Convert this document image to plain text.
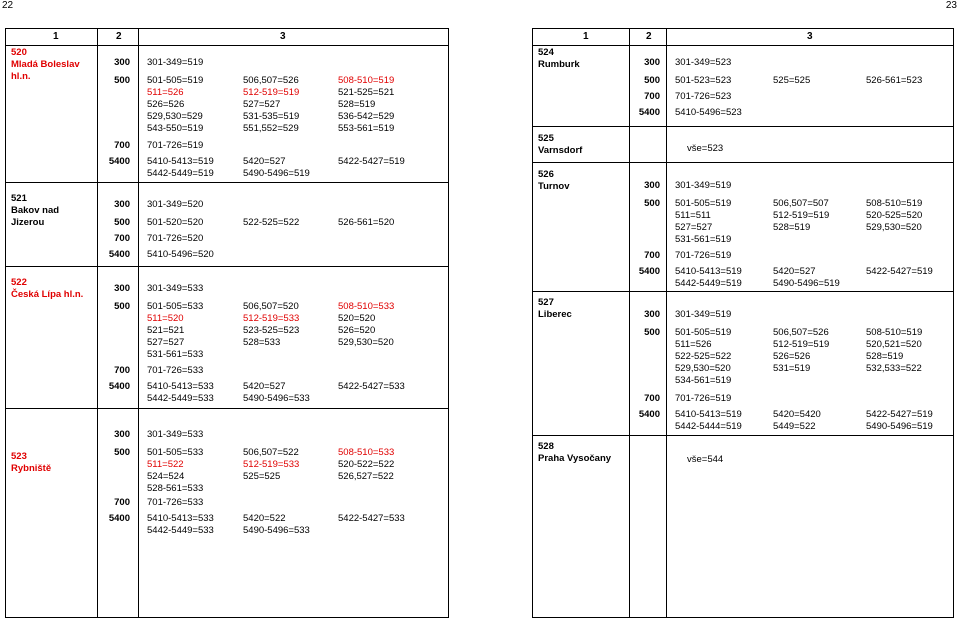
22	23
1	2	3
520
Mladá Boleslav
hl.n.
300 301-349=519
500 501-505=519	506,507=526	508-510=519
511=526	512-519=519	521-525=521
526=526	527=527	528=519
529,530=529	531-535=519	536-542=529
543-550=519	551,552=529	553-561=519
700 701-726=519
5400 5410-5413=519	5420=527	5422-5427=519
5442-5449=519	5490-5496=519
521
Bakov nad
Jizerou
300 301-349=520
500 501-520=520	522-525=522	526-561=520
700 701-726=520
5400 5410-5496=520
522
Česká Lípa hl.n.
300 301-349=533
500 501-505=533	506,507=520	508-510=533
511=520	512-519=533	520=520
521=521	523-525=523	526=520
527=527	528=533	529,530=520
531-561=533
700 701-726=533
5400 5410-5413=533	5420=527	5422-5427=533
5442-5449=533	5490-5496=533
523
Rybniště
300 301-349=533
500 501-505=533	506,507=522	508-510=533
511=522	512-519=533	520-522=522
524=524	525=525	526,527=522
528-561=533
700 701-726=533
5400 5410-5413=533	5420=522	5422-5427=533
5442-5449=533	5490-5496=533
1	2	3
524
Rumburk	300 301-349=523
500 501-523=523	525=525	526-561=523
700 701-726=523
5400 5410-5496=523
525
Varnsdorf	vše=523
526
Turnov	300 301-349=519
500 501-505=519	506,507=507	508-510=519
511=511	512-519=519	520-525=520
527=527	528=519	529,530=520
531-561=519
700 701-726=519
5400 5410-5413=519	5420=527	5422-5427=519
5442-5449=519	5490-5496=519
527
Liberec	300 301-349=519
500 501-505=519	506,507=526	508-510=519
511=526	512-519=519	520,521=520
522-525=522	526=526	528=519
529,530=520	531=519	532,533=522
534-561=519
700 701-726=519
5400 5410-5413=519	5420=5420	5422-5427=519
5442-5444=519	5449=522	5490-5496=519
528
Praha Vysočany	vše=544
